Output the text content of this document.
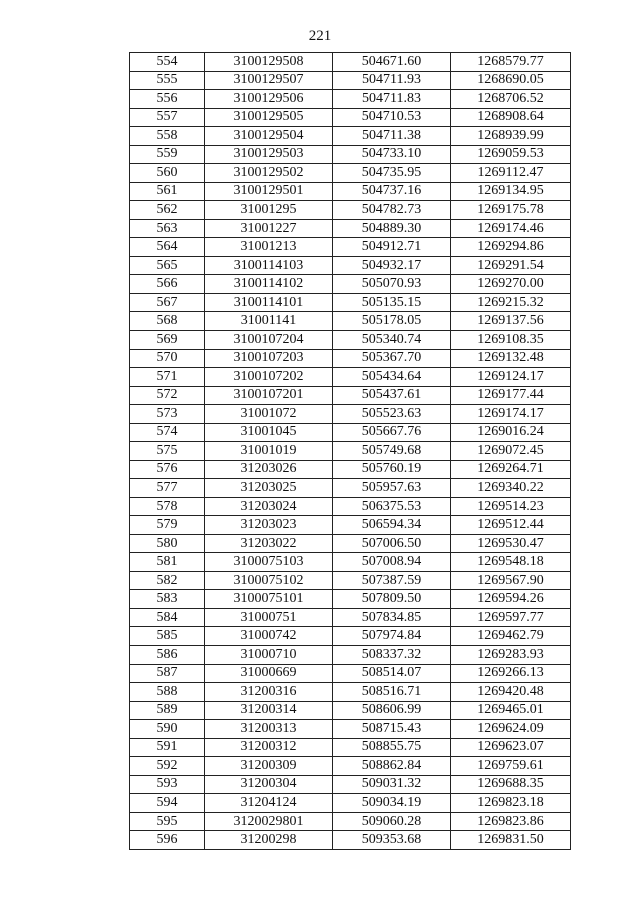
221
554	3100129508	504671.60	1268579.77
555	3100129507	504711.93	1268690.05
556	3100129506	504711.83	1268706.52
557	3100129505	504710.53	1268908.64
558	3100129504	504711.38	1268939.99
559	3100129503	504733.10	1269059.53
560	3100129502	504735.95	1269112.47
561	3100129501	504737.16	1269134.95
562	31001295	504782.73	1269175.78
563	31001227	504889.30	1269174.46
564	31001213	504912.71	1269294.86
565	3100114103	504932.17	1269291.54
566	3100114102	505070.93	1269270.00
567	3100114101	505135.15	1269215.32
568	31001141	505178.05	1269137.56
569	3100107204	505340.74	1269108.35
570	3100107203	505367.70	1269132.48
571	3100107202	505434.64	1269124.17
572	3100107201	505437.61	1269177.44
573	31001072	505523.63	1269174.17
574	31001045	505667.76	1269016.24
575	31001019	505749.68	1269072.45
576	31203026	505760.19	1269264.71
577	31203025	505957.63	1269340.22
578	31203024	506375.53	1269514.23
579	31203023	506594.34	1269512.44
580	31203022	507006.50	1269530.47
581	3100075103	507008.94	1269548.18
582	3100075102	507387.59	1269567.90
583	3100075101	507809.50	1269594.26
584	31000751	507834.85	1269597.77
585	31000742	507974.84	1269462.79
586	31000710	508337.32	1269283.93
587	31000669	508514.07	1269266.13
588	31200316	508516.71	1269420.48
589	31200314	508606.99	1269465.01
590	31200313	508715.43	1269624.09
591	31200312	508855.75	1269623.07
592	31200309	508862.84	1269759.61
593	31200304	509031.32	1269688.35
594	31204124	509034.19	1269823.18
595	3120029801	509060.28	1269823.86
596	31200298	509353.68	1269831.50
